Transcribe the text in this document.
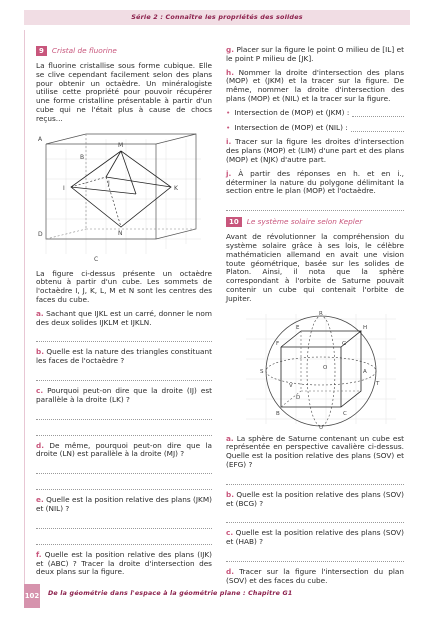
Série 2 : Connaître les propriétés des solides
9	Cristal de fluorine

La fluorine cristallise sous forme cubique. Elle se clive cependant facilement selon des plans pour obtenir un octaèdre. Un minéralogiste utilise cette propriété pour pouvoir récupérer une forme cristalline présentable à partir d'un cube qui ne l'était plus à cause de chocs reçus...

A
B
C
D
M
I
J
K
N

La figure ci-dessus présente un octaèdre obtenu à partir d'un cube. Les sommets de l'octaèdre I, J, K, L, M et N sont les centres des faces du cube.

a. Sachant que IJKL est un carré, donner le nom des deux solides IJKLM et IJKLN.

b. Quelle est la nature des triangles constituant les faces de l'octaèdre ?

c. Pourquoi peut-on dire que la droite (IJ) est parallèle à la droite (LK) ?

d. De même, pourquoi peut-on dire que la droite (LN) est parallèle à la droite (MJ) ?

e. Quelle est la position relative des plans (JKM) et (NIL) ?

f. Quelle est la position relative des plans (IJK) et (ABC) ? Tracer la droite d'intersection des deux plans sur la figure.

g. Placer sur la figure le point O milieu de [IL] et le point P milieu de [JK].

h. Nommer la droite d'intersection des plans (MOP) et (JKM) et la tracer sur la figure. De même, nommer la droite d'intersection des plans (MOP) et (NIL) et la tracer sur la figure.

• Intersection de (MOP) et (JKM) :
• Intersection de (MOP) et (NIL) :

i. Tracer sur la figure les droites d'intersection des plans (MOP) et (LIM) d'une part et des plans (MOP) et (NJK) d'autre part.

j. À partir des réponses en h. et en i., déterminer la nature du polygone délimitant la section entre le plan (MOP) et l'octaèdre.

10	Le système solaire selon Kepler

Avant de révolutionner la compréhension du système solaire grâce à ses lois, le célèbre mathématicien allemand en avait une vision toute géométrique, basée sur les solides de Platon. Ainsi, il nota que la sphère correspondant à l'orbite de Saturne pouvait contenir un cube qui contenait l'orbite de Jupiter.

R
E	H
F	G
S
O
V
A
D
B	C
T
U

a. La sphère de Saturne contenant un cube est représentée en perspective cavalière ci-dessus. Quelle est la position relative des plans (SOV) et (EFG) ?

b. Quelle est la position relative des plans (SOV) et (BCG) ?

c. Quelle est la position relative des plans (SOV) et (HAB) ?

d. Tracer sur la figure l'intersection du plan (SOV) et des faces du cube.

102 De la géométrie dans l'espace à la géométrie plane : Chapitre G1
